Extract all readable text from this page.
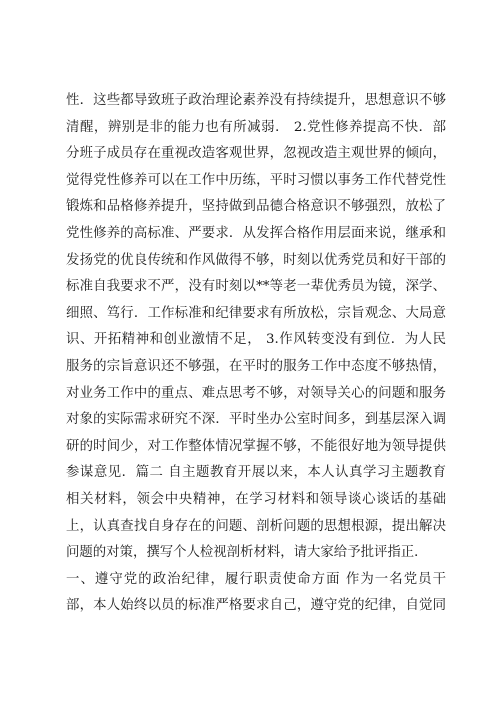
性．这些都导致班子政治理论素养没有持续提升，思想意识不够
清醒，辨别是非的能力也有所减弱． 2.党性修养提高不快．部
分班子成员存在重视改造客观世界，忽视改造主观世界的倾向，
觉得党性修养可以在工作中历练，平时习惯以事务工作代替党性
锻炼和品格修养提升，坚持做到品德合格意识不够强烈，放松了
党性修养的高标准、严要求．从发挥合格作用层面来说，继承和
发扬党的优良传统和作风做得不够，时刻以优秀党员和好干部的
标准自我要求不严，没有时刻以**等老一辈优秀员为镜，深学、
细照、笃行．工作标准和纪律要求有所放松，宗旨观念、大局意
识、开拓精神和创业激情不足， 3.作风转变没有到位．为人民
服务的宗旨意识还不够强，在平时的服务工作中态度不够热情，
对业务工作中的重点、难点思考不够，对领导关心的问题和服务
对象的实际需求研究不深．平时坐办公室时间多，到基层深入调
研的时间少，对工作整体情况掌握不够，不能很好地为领导提供
参谋意见．篇二 自主题教育开展以来，本人认真学习主题教育
相关材料，领会中央精神，在学习材料和领导谈心谈话的基础
上，认真查找自身存在的问题、剖析问题的思想根源，提出解决
问题的对策，撰写个人检视剖析材料，请大家给予批评指正．
一、遵守党的政治纪律，履行职责使命方面 作为一名党员干
部，本人始终以员的标准严格要求自己，遵守党的纪律，自觉同
